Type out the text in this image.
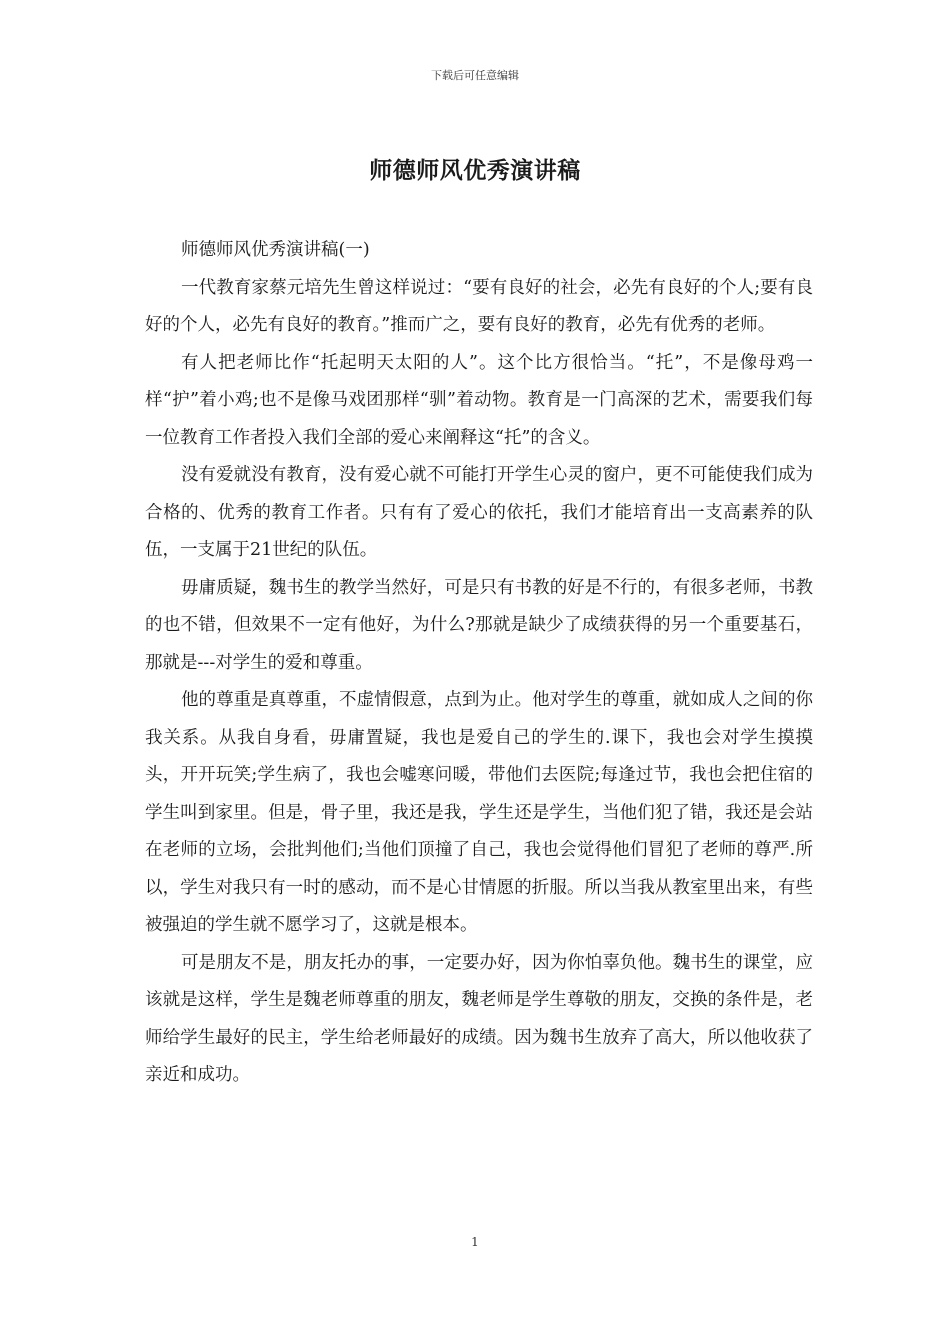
下载后可任意编辑
师德师风优秀演讲稿

师德师风优秀演讲稿(一)

一代教育家蔡元培先生曾这样说过：“要有良好的社会，必先有良好的个人;要有良好的个人，必先有良好的教育。”推而广之，要有良好的教育，必先有优秀的老师。

有人把老师比作“托起明天太阳的人”。这个比方很恰当。“托”，不是像母鸡一样“护”着小鸡;也不是像马戏团那样“驯”着动物。教育是一门高深的艺术，需要我们每一位教育工作者投入我们全部的爱心来阐释这“托”的含义。

没有爱就没有教育，没有爱心就不可能打开学生心灵的窗户，更不可能使我们成为合格的、优秀的教育工作者。只有有了爱心的依托，我们才能培育出一支高素养的队伍，一支属于21世纪的队伍。

毋庸质疑，魏书生的教学当然好，可是只有书教的好是不行的，有很多老师，书教的也不错，但效果不一定有他好，为什么?那就是缺少了成绩获得的另一个重要基石，那就是---对学生的爱和尊重。

他的尊重是真尊重，不虚情假意，点到为止。他对学生的尊重，就如成人之间的你我关系。从我自身看，毋庸置疑，我也是爱自己的学生的.课下，我也会对学生摸摸头，开开玩笑;学生病了，我也会嘘寒问暖，带他们去医院;每逢过节，我也会把住宿的学生叫到家里。但是，骨子里，我还是我，学生还是学生，当他们犯了错，我还是会站在老师的立场，会批判他们;当他们顶撞了自己，我也会觉得他们冒犯了老师的尊严.所以，学生对我只有一时的感动，而不是心甘情愿的折服。所以当我从教室里出来，有些被强迫的学生就不愿学习了，这就是根本。

可是朋友不是，朋友托办的事，一定要办好，因为你怕辜负他。魏书生的课堂，应该就是这样，学生是魏老师尊重的朋友，魏老师是学生尊敬的朋友，交换的条件是，老师给学生最好的民主，学生给老师最好的成绩。因为魏书生放弃了高大，所以他收获了亲近和成功。

1
